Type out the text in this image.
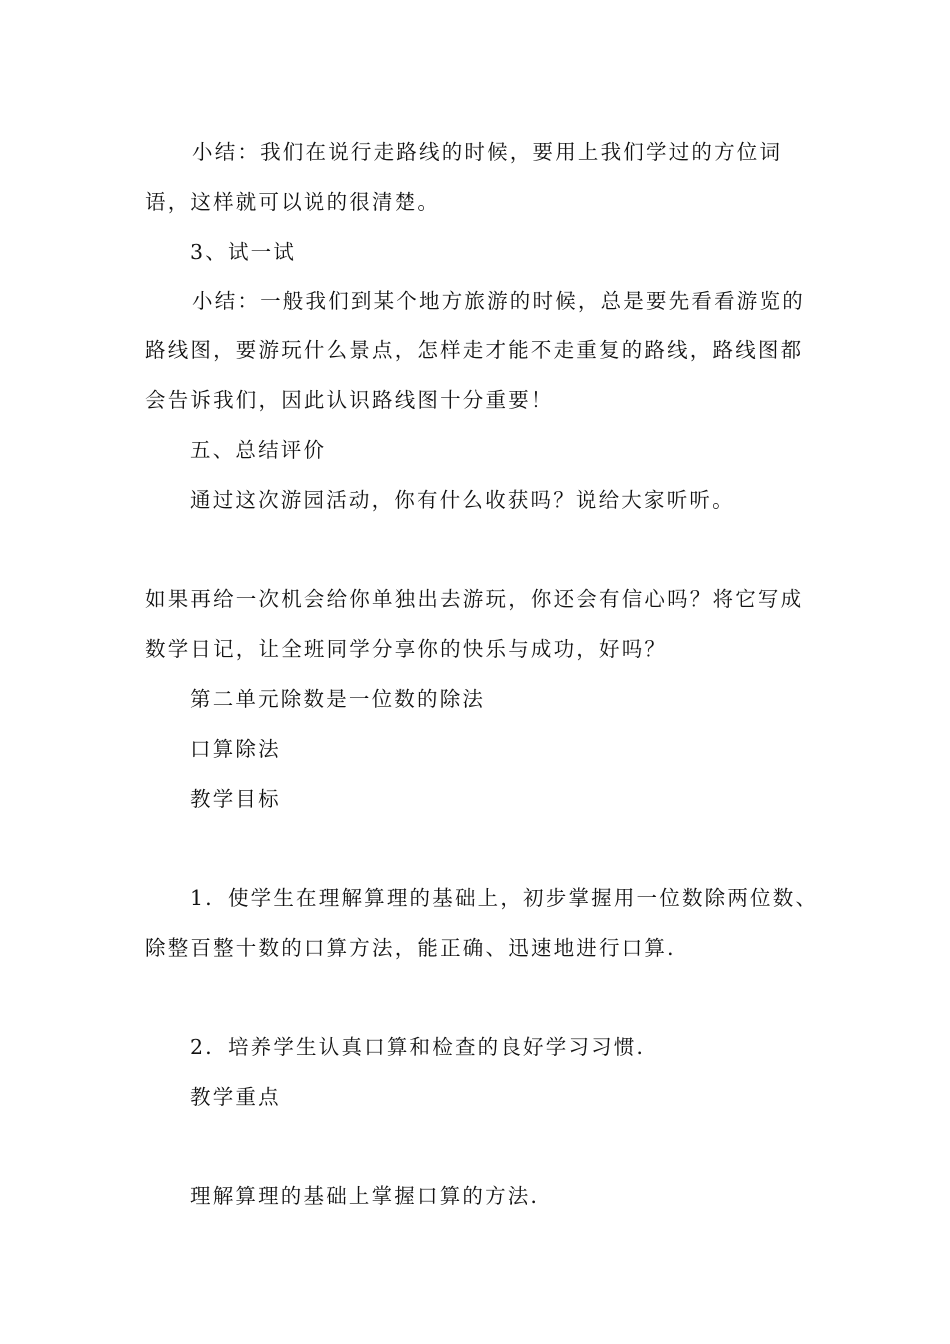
小结：我们在说行走路线的时候，要用上我们学过的方位词
语，这样就可以说的很清楚。
3、试一试
小结：一般我们到某个地方旅游的时候，总是要先看看游览的
路线图，要游玩什么景点，怎样走才能不走重复的路线，路线图都
会告诉我们，因此认识路线图十分重要！
五、总结评价
通过这次游园活动，你有什么收获吗？说给大家听听。
如果再给一次机会给你单独出去游玩，你还会有信心吗？将它写成
数学日记，让全班同学分享你的快乐与成功，好吗？
第二单元除数是一位数的除法
口算除法
教学目标
1．使学生在理解算理的基础上，初步掌握用一位数除两位数、
除整百整十数的口算方法，能正确、迅速地进行口算．
2．培养学生认真口算和检查的良好学习习惯．
教学重点
理解算理的基础上掌握口算的方法．
